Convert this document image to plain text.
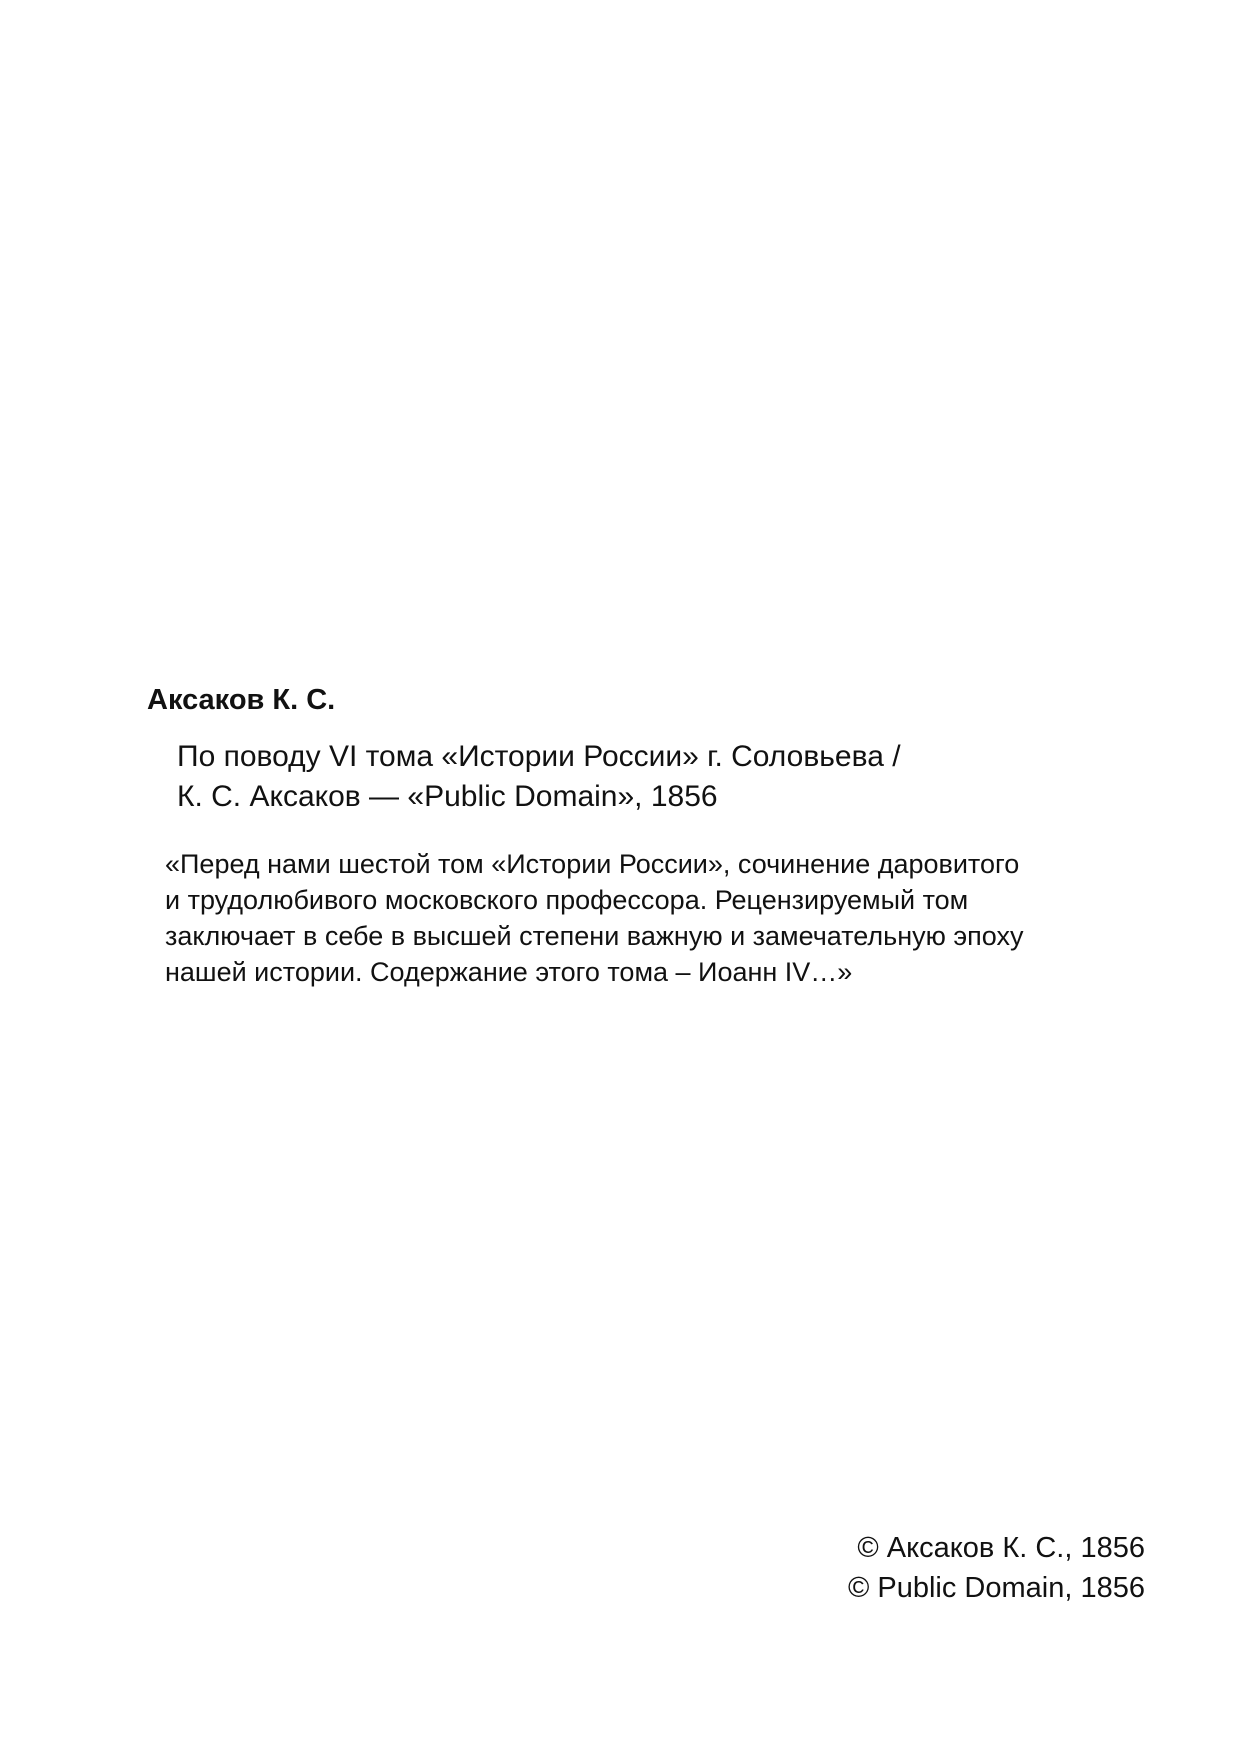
Аксаков К. С.
По поводу VI тома «Истории России» г. Соловьева /
К. С. Аксаков — «Public Domain», 1856
«Перед нами шестой том «Истории России», сочинение даровитого
и трудолюбивого московского профессора. Рецензируемый том
заключает в себе в высшей степени важную и замечательную эпоху
нашей истории. Содержание этого тома – Иоанн IV…»
© Аксаков К. С., 1856
© Public Domain, 1856
